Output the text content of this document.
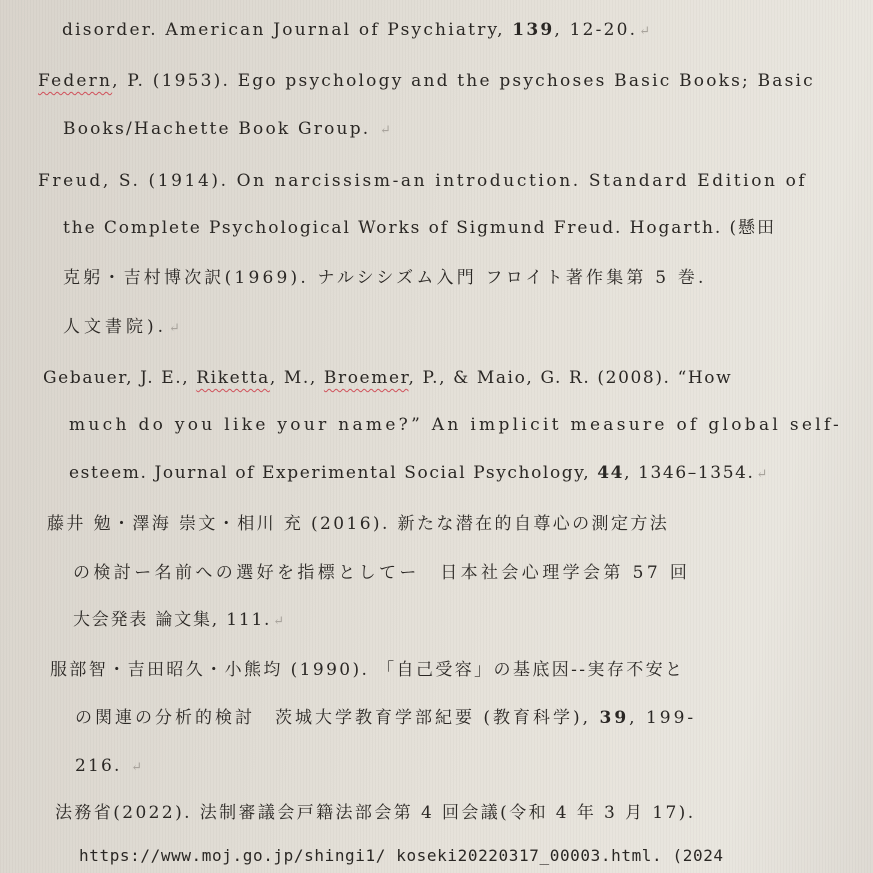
disorder. American Journal of Psychiatry, 139, 12-20. ↵
Federn, P. (1953). Ego psychology and the psychoses Basic Books; Basic
Books/Hachette Book Group. ↵
Freud, S. (1914). On narcissism-an introduction. Standard Edition of
the Complete Psychological Works of Sigmund Freud. Hogarth. (懸田
克躬・吉村博次訳(1969). ナルシシズム入門 フロイト著作集第 5 巻.
人文書院). ↵
Gebauer, J. E., Riketta, M., Broemer, P., & Maio, G. R. (2008). “How
much do you like your name?” An implicit measure of global self-
esteem. Journal of Experimental Social Psychology, 44, 1346–1354. ↵
藤井 勉・澤海 崇文・相川 充 (2016). 新たな潜在的自尊心の測定方法
の検討ー名前への選好を指標としてー　日本社会心理学会第 57 回
大会発表 論文集, 111. ↵
服部智・吉田昭久・小熊均 (1990). 「自己受容」の基底因--実存不安と
の関連の分析的検討　茨城大学教育学部紀要 (教育科学), 39, 199-
216. ↵
法務省(2022). 法制審議会戸籍法部会第 4 回会議(令和 4 年 3 月 17).
https://www.moj.go.jp/shingi1/ koseki20220317_00003.html. (2024
